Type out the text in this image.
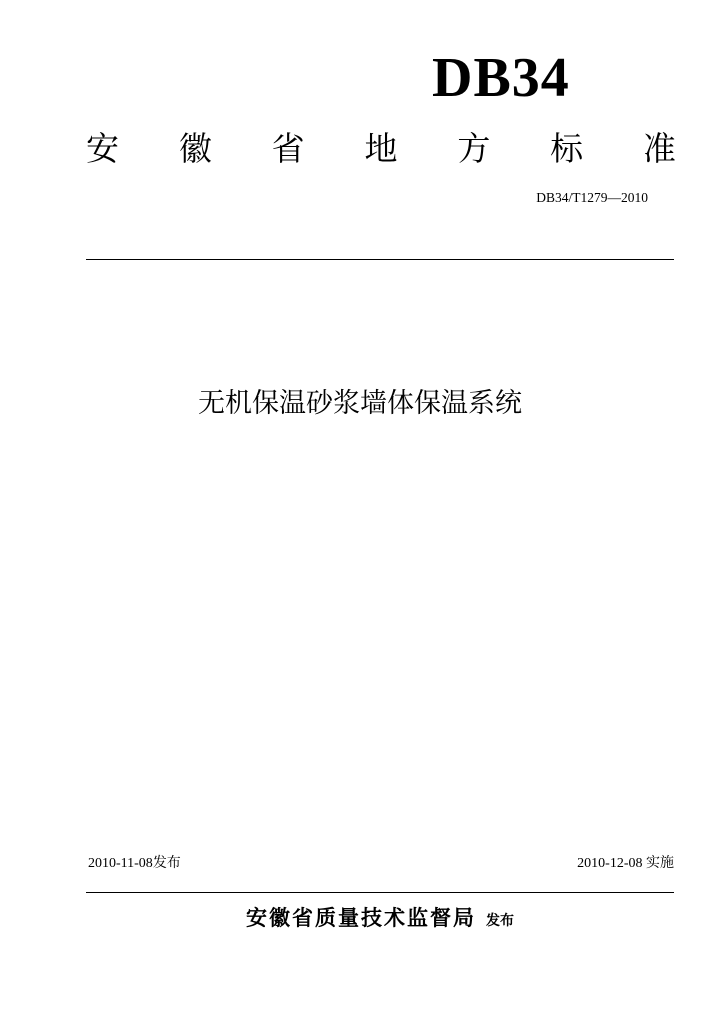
DB34
安 徽 省 地 方 标 准
DB34/T1279—2010
无机保温砂浆墙体保温系统
2010-11-08发布	2010-12-08 实施
安徽省质量技术监督局 发布
